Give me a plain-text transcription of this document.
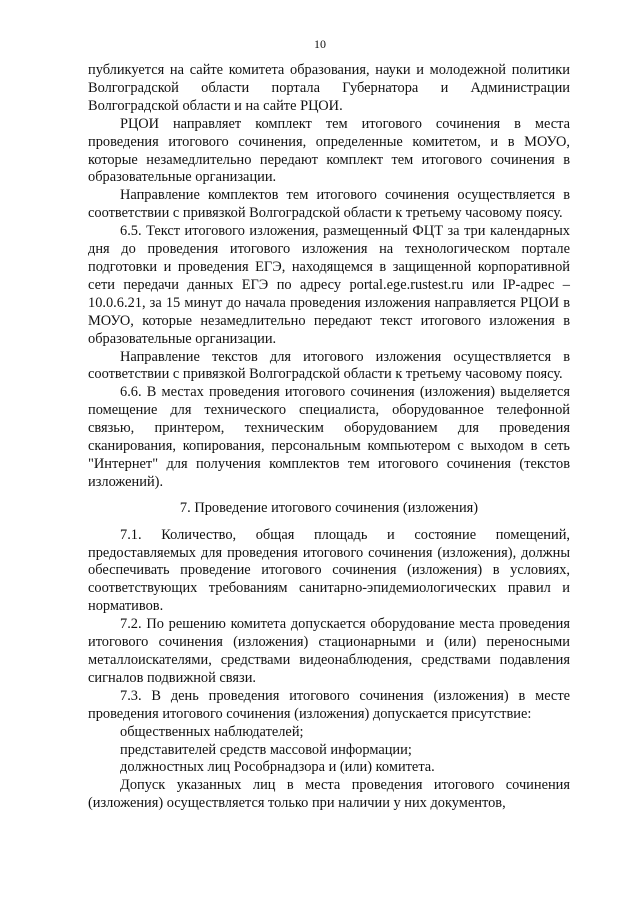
10

публикуется на сайте комитета образования, науки и молодежной политики Волгоградской области портала Губернатора и Администрации Волгоградской области и на сайте РЦОИ.

РЦОИ направляет комплект тем итогового сочинения в места проведения итогового сочинения, определенные комитетом, и в МОУО, которые незамедлительно передают комплект тем итогового сочинения в образовательные организации.

Направление комплектов тем итогового сочинения осуществляется в соответствии с привязкой Волгоградской области к третьему часовому поясу.

6.5. Текст итогового изложения, размещенный ФЦТ за три календарных дня до проведения итогового изложения на технологическом портале подготовки и проведения ЕГЭ, находящемся в защищенной корпоративной сети передачи данных ЕГЭ по адресу portal.ege.rustest.ru или IP-адрес – 10.0.6.21, за 15 минут до начала проведения изложения направляется РЦОИ в МОУО, которые незамедлительно передают текст итогового изложения в образовательные организации.

Направление текстов для итогового изложения осуществляется в соответствии с привязкой Волгоградской области к третьему часовому поясу.

6.6. В местах проведения итогового сочинения (изложения) выделяется помещение для технического специалиста, оборудованное телефонной связью, принтером, техническим оборудованием для проведения сканирования, копирования, персональным компьютером с выходом в сеть "Интернет" для получения комплектов тем итогового сочинения (текстов изложений).

7. Проведение итогового сочинения (изложения)

7.1. Количество, общая площадь и состояние помещений, предоставляемых для проведения итогового сочинения (изложения), должны обеспечивать проведение итогового сочинения (изложения) в условиях, соответствующих требованиям санитарно-эпидемиологических правил и нормативов.

7.2. По решению комитета допускается оборудование места проведения итогового сочинения (изложения) стационарными и (или) переносными металлоискателями, средствами видеонаблюдения, средствами подавления сигналов подвижной связи.

7.3. В день проведения итогового сочинения (изложения) в месте проведения итогового сочинения (изложения) допускается присутствие:

общественных наблюдателей;

представителей средств массовой информации;

должностных лиц Рособрнадзора и (или) комитета.

Допуск указанных лиц в места проведения итогового сочинения (изложения) осуществляется только при наличии у них документов,
